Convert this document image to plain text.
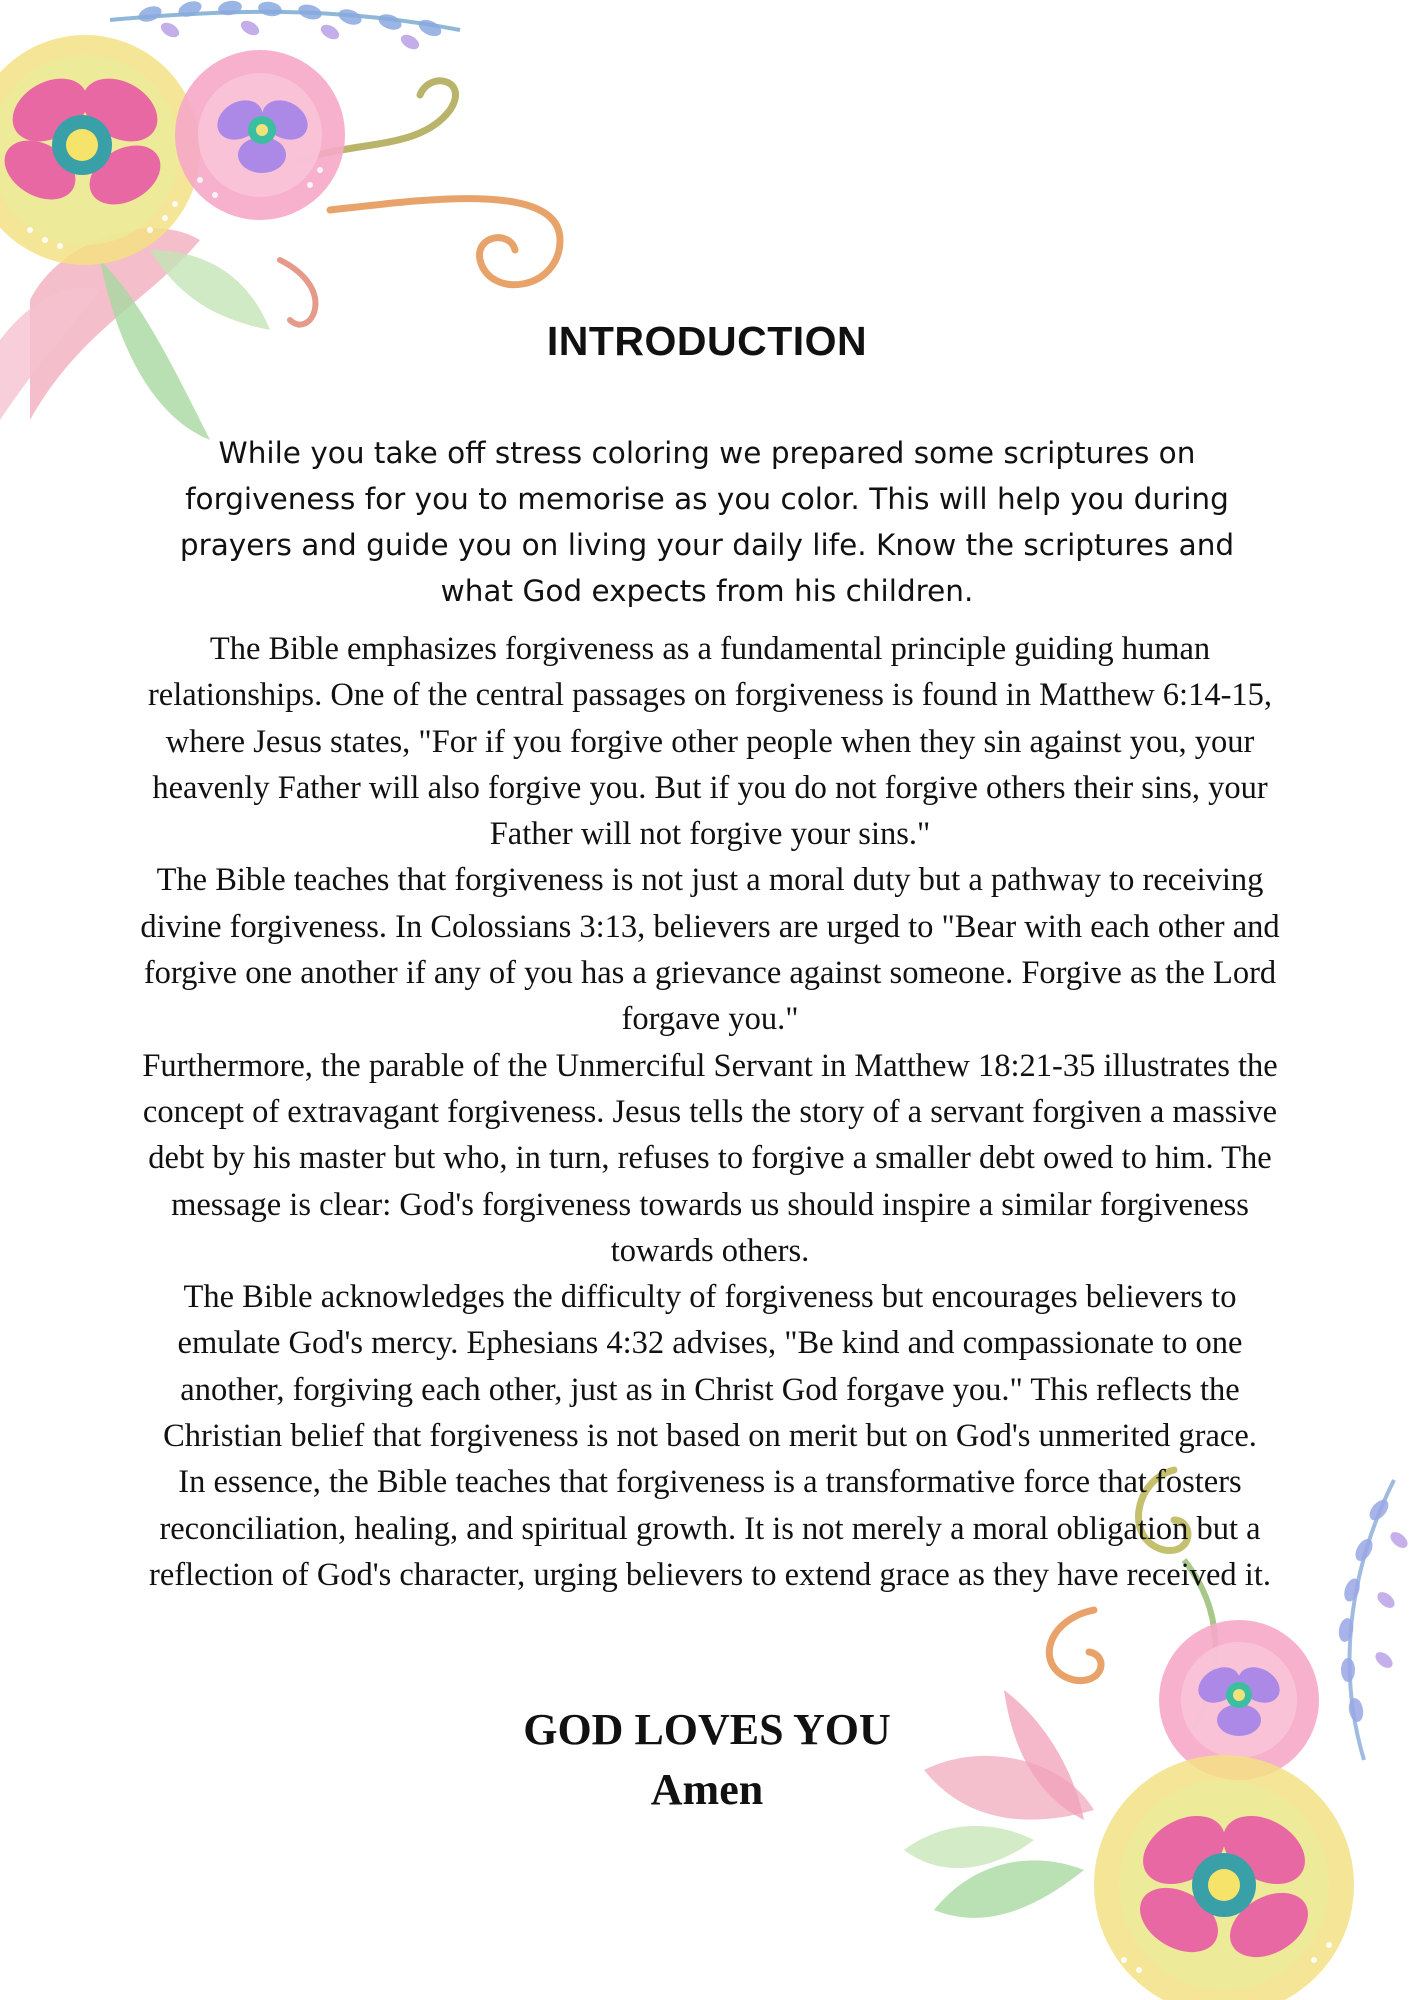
INTRODUCTION
While you take off stress coloring we prepared some scriptures on forgiveness for you to memorise as you color. This will help you during prayers and guide you on living your daily life. Know the scriptures and what God expects from his children.

The Bible emphasizes forgiveness as a fundamental principle guiding human relationships. One of the central passages on forgiveness is found in Matthew 6:14-15, where Jesus states, "For if you forgive other people when they sin against you, your heavenly Father will also forgive you. But if you do not forgive others their sins, your Father will not forgive your sins."

The Bible teaches that forgiveness is not just a moral duty but a pathway to receiving divine forgiveness. In Colossians 3:13, believers are urged to "Bear with each other and forgive one another if any of you has a grievance against someone. Forgive as the Lord forgave you."

Furthermore, the parable of the Unmerciful Servant in Matthew 18:21-35 illustrates the concept of extravagant forgiveness. Jesus tells the story of a servant forgiven a massive debt by his master but who, in turn, refuses to forgive a smaller debt owed to him. The message is clear: God's forgiveness towards us should inspire a similar forgiveness towards others.

The Bible acknowledges the difficulty of forgiveness but encourages believers to emulate God's mercy. Ephesians 4:32 advises, "Be kind and compassionate to one another, forgiving each other, just as in Christ God forgave you." This reflects the Christian belief that forgiveness is not based on merit but on God's unmerited grace.

In essence, the Bible teaches that forgiveness is a transformative force that fosters reconciliation, healing, and spiritual growth. It is not merely a moral obligation but a reflection of God's character, urging believers to extend grace as they have received it.

GOD LOVES YOU
Amen
